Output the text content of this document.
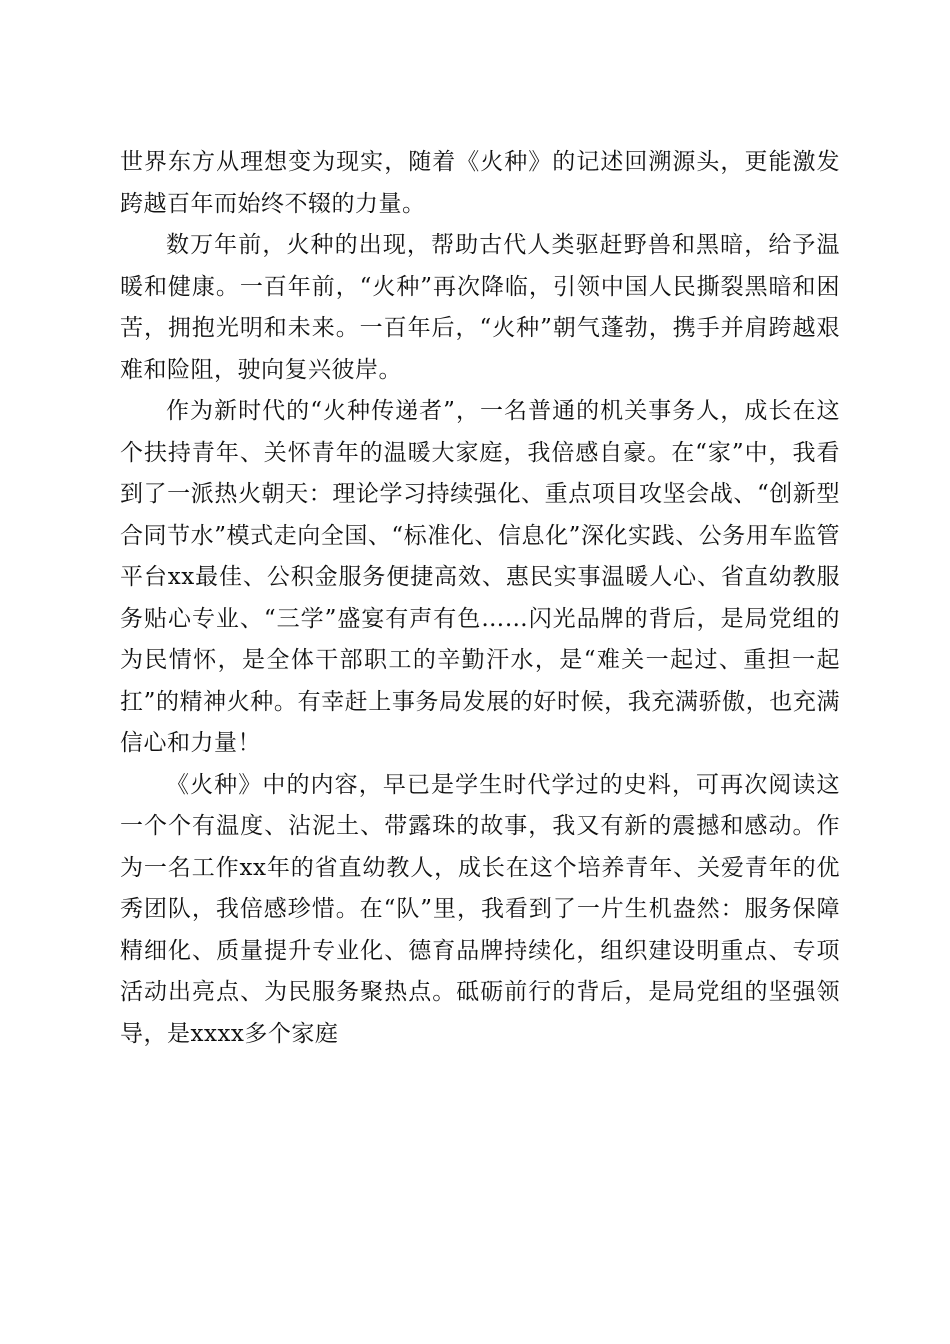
世界东方从理想变为现实，随着《火种》的记述回溯源头，更能激发跨越百年而始终不辍的力量。

数万年前，火种的出现，帮助古代人类驱赶野兽和黑暗，给予温暖和健康。一百年前，“火种”再次降临，引领中国人民撕裂黑暗和困苦，拥抱光明和未来。一百年后，“火种”朝气蓬勃，携手并肩跨越艰难和险阻，驶向复兴彼岸。

作为新时代的“火种传递者”，一名普通的机关事务人，成长在这个扶持青年、关怀青年的温暖大家庭，我倍感自豪。在“家”中，我看到了一派热火朝天：理论学习持续强化、重点项目攻坚会战、“创新型合同节水”模式走向全国、“标准化、信息化”深化实践、公务用车监管平台xx最佳、公积金服务便捷高效、惠民实事温暖人心、省直幼教服务贴心专业、“三学”盛宴有声有色……闪光品牌的背后，是局党组的为民情怀，是全体干部职工的辛勤汗水，是“难关一起过、重担一起扛”的精神火种。有幸赶上事务局发展的好时候，我充满骄傲，也充满信心和力量！

《火种》中的内容，早已是学生时代学过的史料，可再次阅读这一个个有温度、沾泥土、带露珠的故事，我又有新的震撼和感动。作为一名工作xx年的省直幼教人，成长在这个培养青年、关爱青年的优秀团队，我倍感珍惜。在“队”里，我看到了一片生机盎然：服务保障精细化、质量提升专业化、德育品牌持续化，组织建设明重点、专项活动出亮点、为民服务聚热点。砥砺前行的背后，是局党组的坚强领导，是xxxx多个家庭
